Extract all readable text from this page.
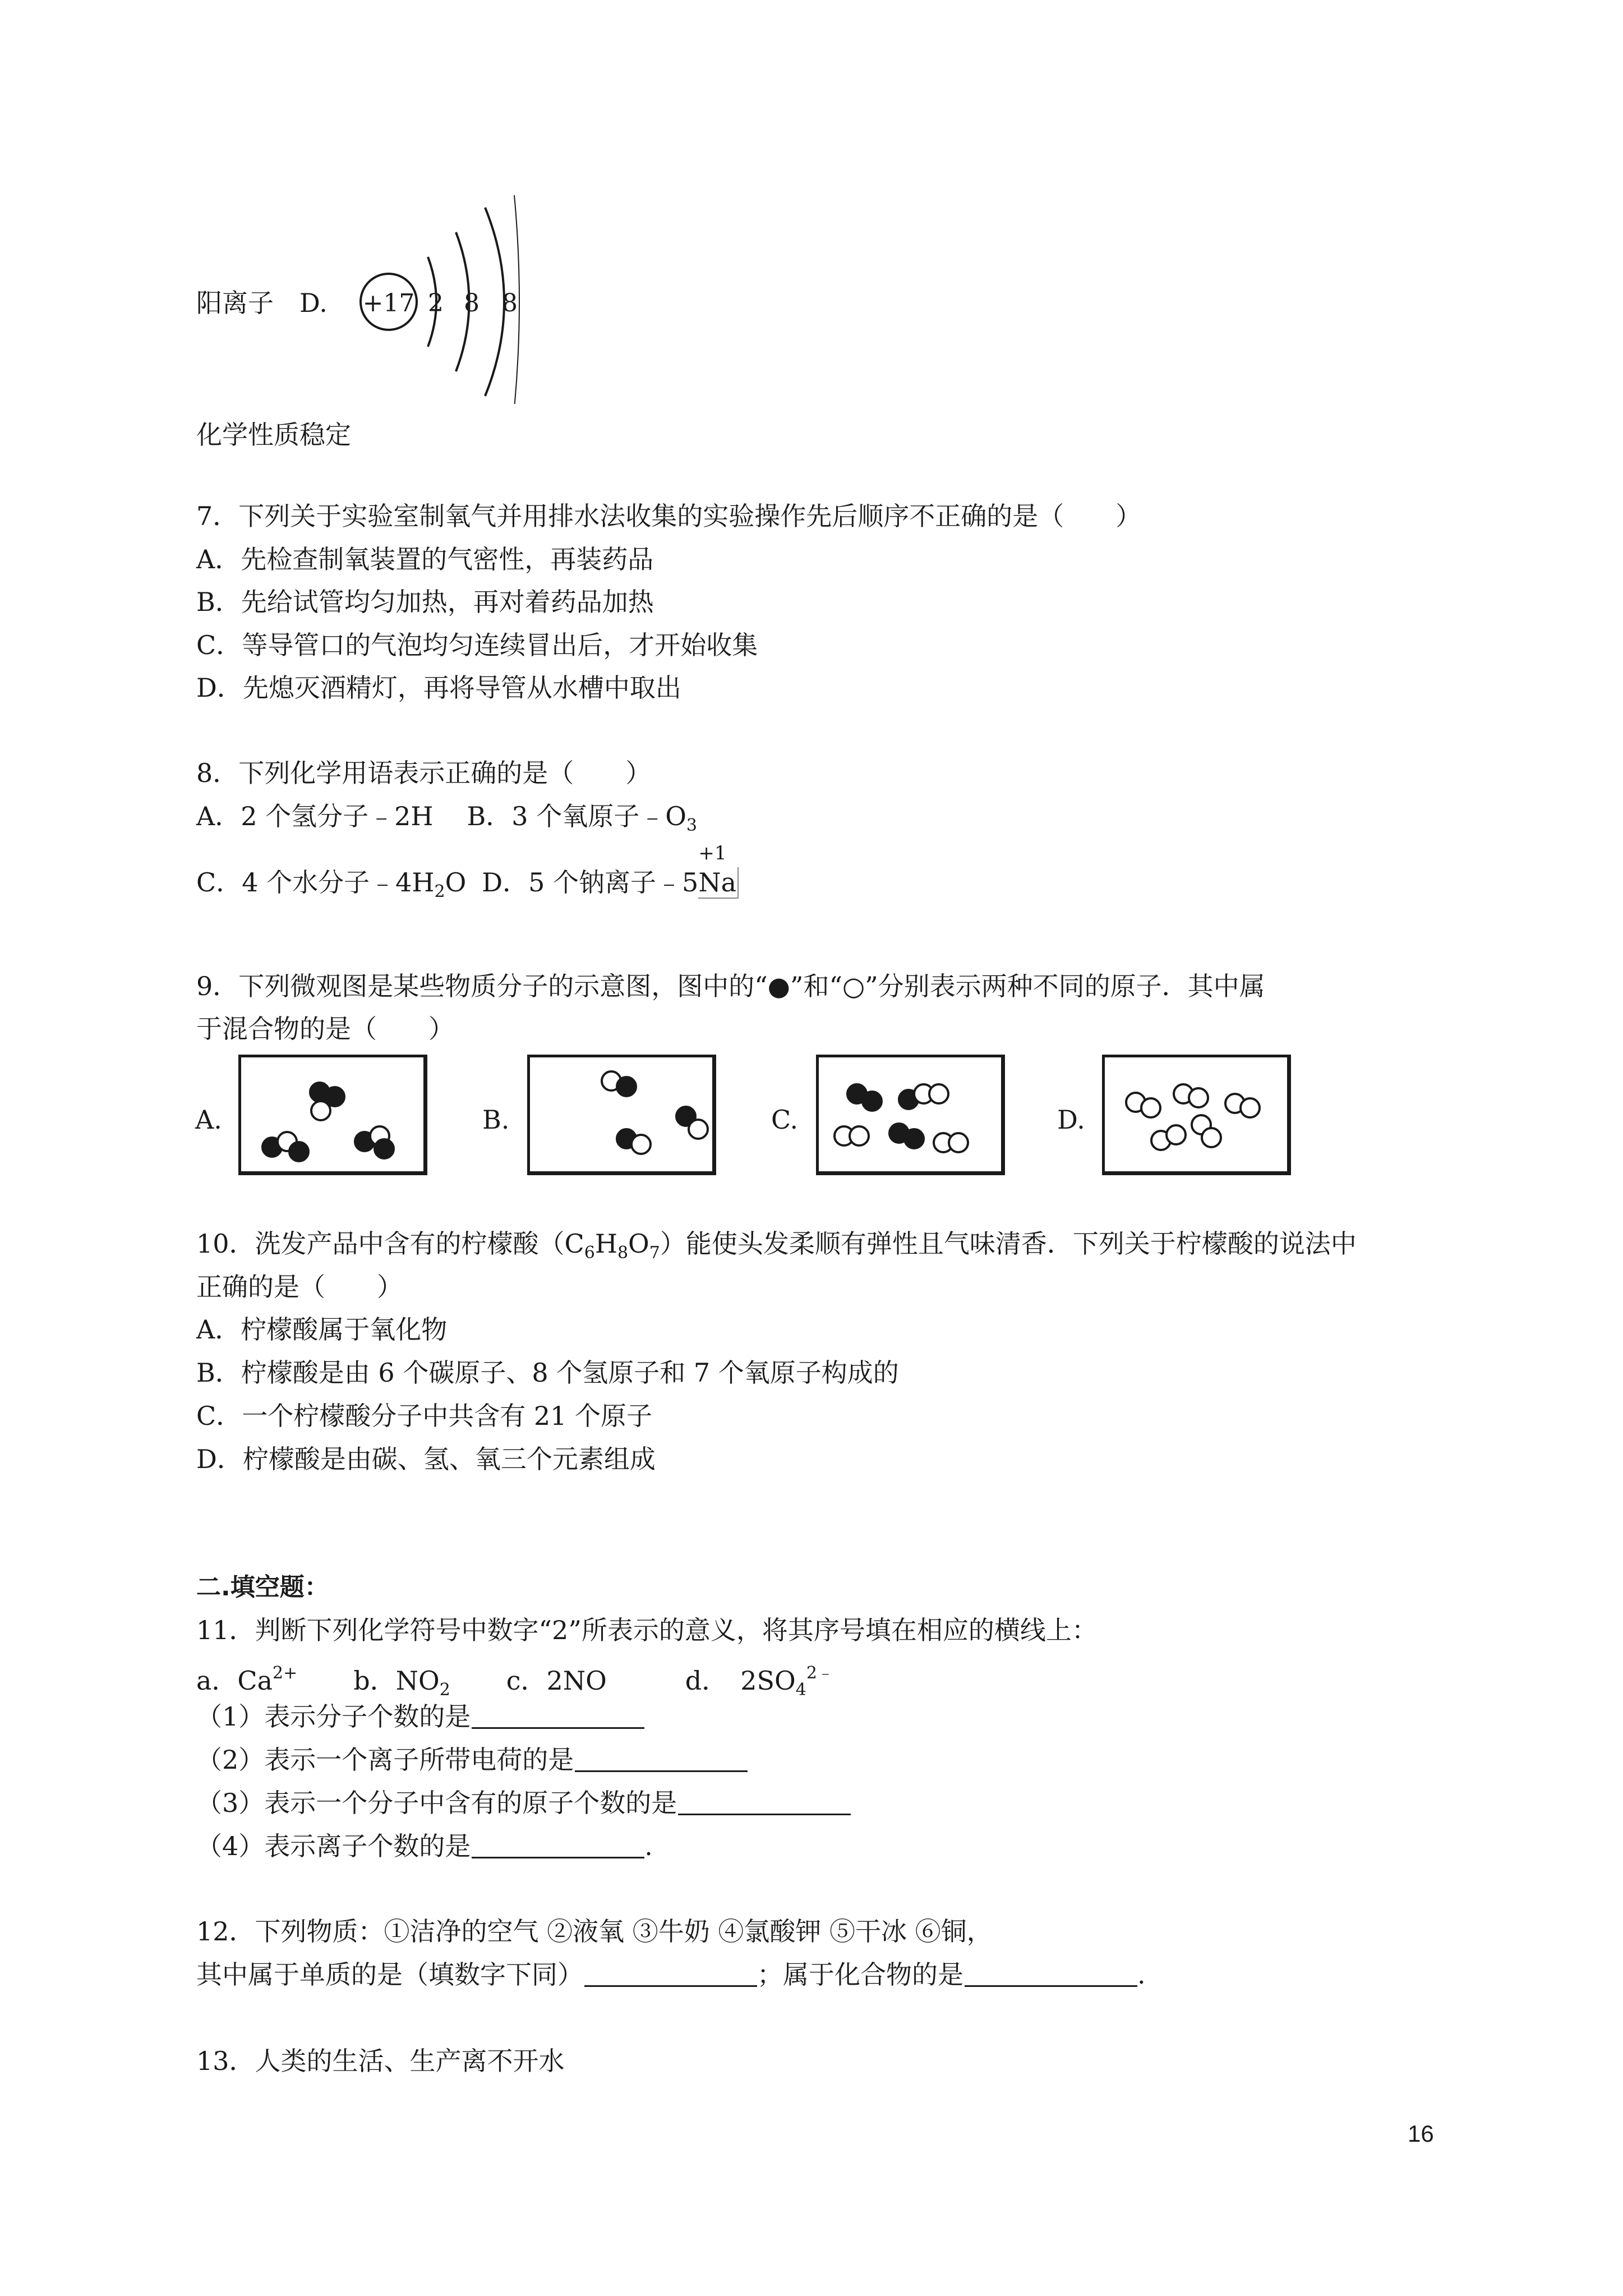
阳离子 D. +17 2 8 8
化学性质稳定
7．下列关于实验室制氧气并用排水法收集的实验操作先后顺序不正确的是（　　）
A．先检查制氧装置的气密性，再装药品
B．先给试管均匀加热，再对着药品加热
C．等导管口的气泡均匀连续冒出后，才开始收集
D．先熄灭酒精灯，再将导管从水槽中取出
8．下列化学用语表示正确的是（　　）
A．2 个氢分子﹣2H B．3 个氧原子$﹣O_3$
C．4 个水分子$﹣4H_2O$ D．5 个钠离子﹣5
+1
Na
9．下列微观图是某些物质分子的示意图，图中的“●”和“○”分别表示两种不同的原子．其中属
于混合物的是（　　）
A.	B.	C.	D.
10．洗发产品中含有的柠檬酸$(C_6H_8O_7)$能使头发柔顺有弹性且气味清香．下列关于柠檬酸的说法中
正确的是（　　）
A．柠檬酸属于氧化物
B．柠檬酸是由 6 个碳原子、8 个氢原子和 7 个氧原子构成的
C．一个柠檬酸分子中共含有 21 个原子
D．柠檬酸是由碳、氢、氧三个元素组成
二.填空题：
11．判断下列化学符号中数字“2”所表示的意义，将其序号填在相应的横线上：
a．$Ca^{2+}$ b．$NO_2$ c．2NO	d．　$2SO_4^{2﹣}$
（1）表示分子个数的是
（2）表示一个离子所带电荷的是
（3）表示一个分子中含有的原子个数的是
（4）表示离子个数的是	.
12．下列物质：①洁净的空气 ②液氧 ③牛奶 ④氯酸钾 ⑤干冰 ⑥铜，
其中属于单质的是（填数字下同）	；属于化合物的是	.
13．人类的生活、生产离不开水
16
